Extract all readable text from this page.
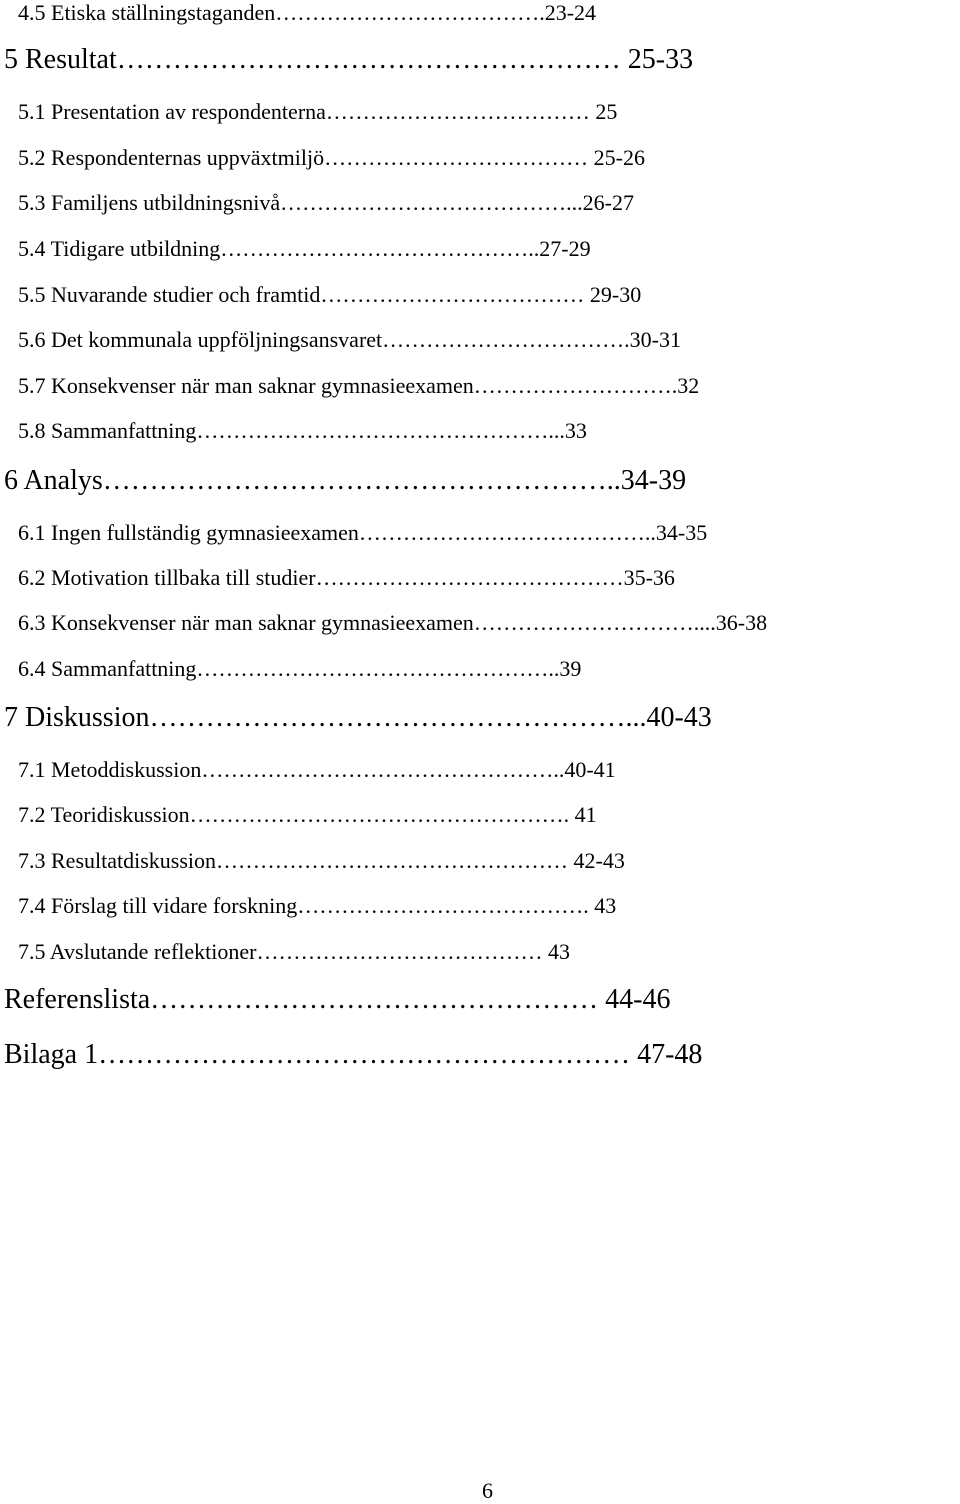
4.5 Etiska ställningstaganden……………………………….23-24
5 Resultat……………………………………………… 25-33
5.1 Presentation av respondenterna……………………………… 25
5.2 Respondenternas uppväxtmiljö……………………………… 25-26
5.3 Familjens utbildningsnivå…………………………………...26-27
5.4 Tidigare utbildning……………………………………..27-29
5.5 Nuvarande studier och framtid……………………………… 29-30
5.6 Det kommunala uppföljningsansvaret…………………………….30-31
5.7 Konsekvenser när man saknar gymnasieexamen……………………….32
5.8 Sammanfattning…………………………………………...33
6 Analys………………………………………………..34-39
6.1 Ingen fullständig gymnasieexamen…………………………………..34-35
6.2 Motivation tillbaka till studier……………………………………35-36
6.3 Konsekvenser när man saknar gymnasieexamen…………………………....36-38
6.4 Sammanfattning…………………………………………..39
7 Diskussion……………………………………………...40-43
7.1 Metoddiskussion…………………………………………..40-41
7.2 Teoridiskussion……………………………………………. 41
7.3 Resultatdiskussion………………………………………… 42-43
7.4 Förslag till vidare forskning…………………………………. 43
7.5 Avslutande reflektioner………………………………… 43
Referenslista………………………………………… 44-46
Bilaga 1………………………………………………… 47-48
6
